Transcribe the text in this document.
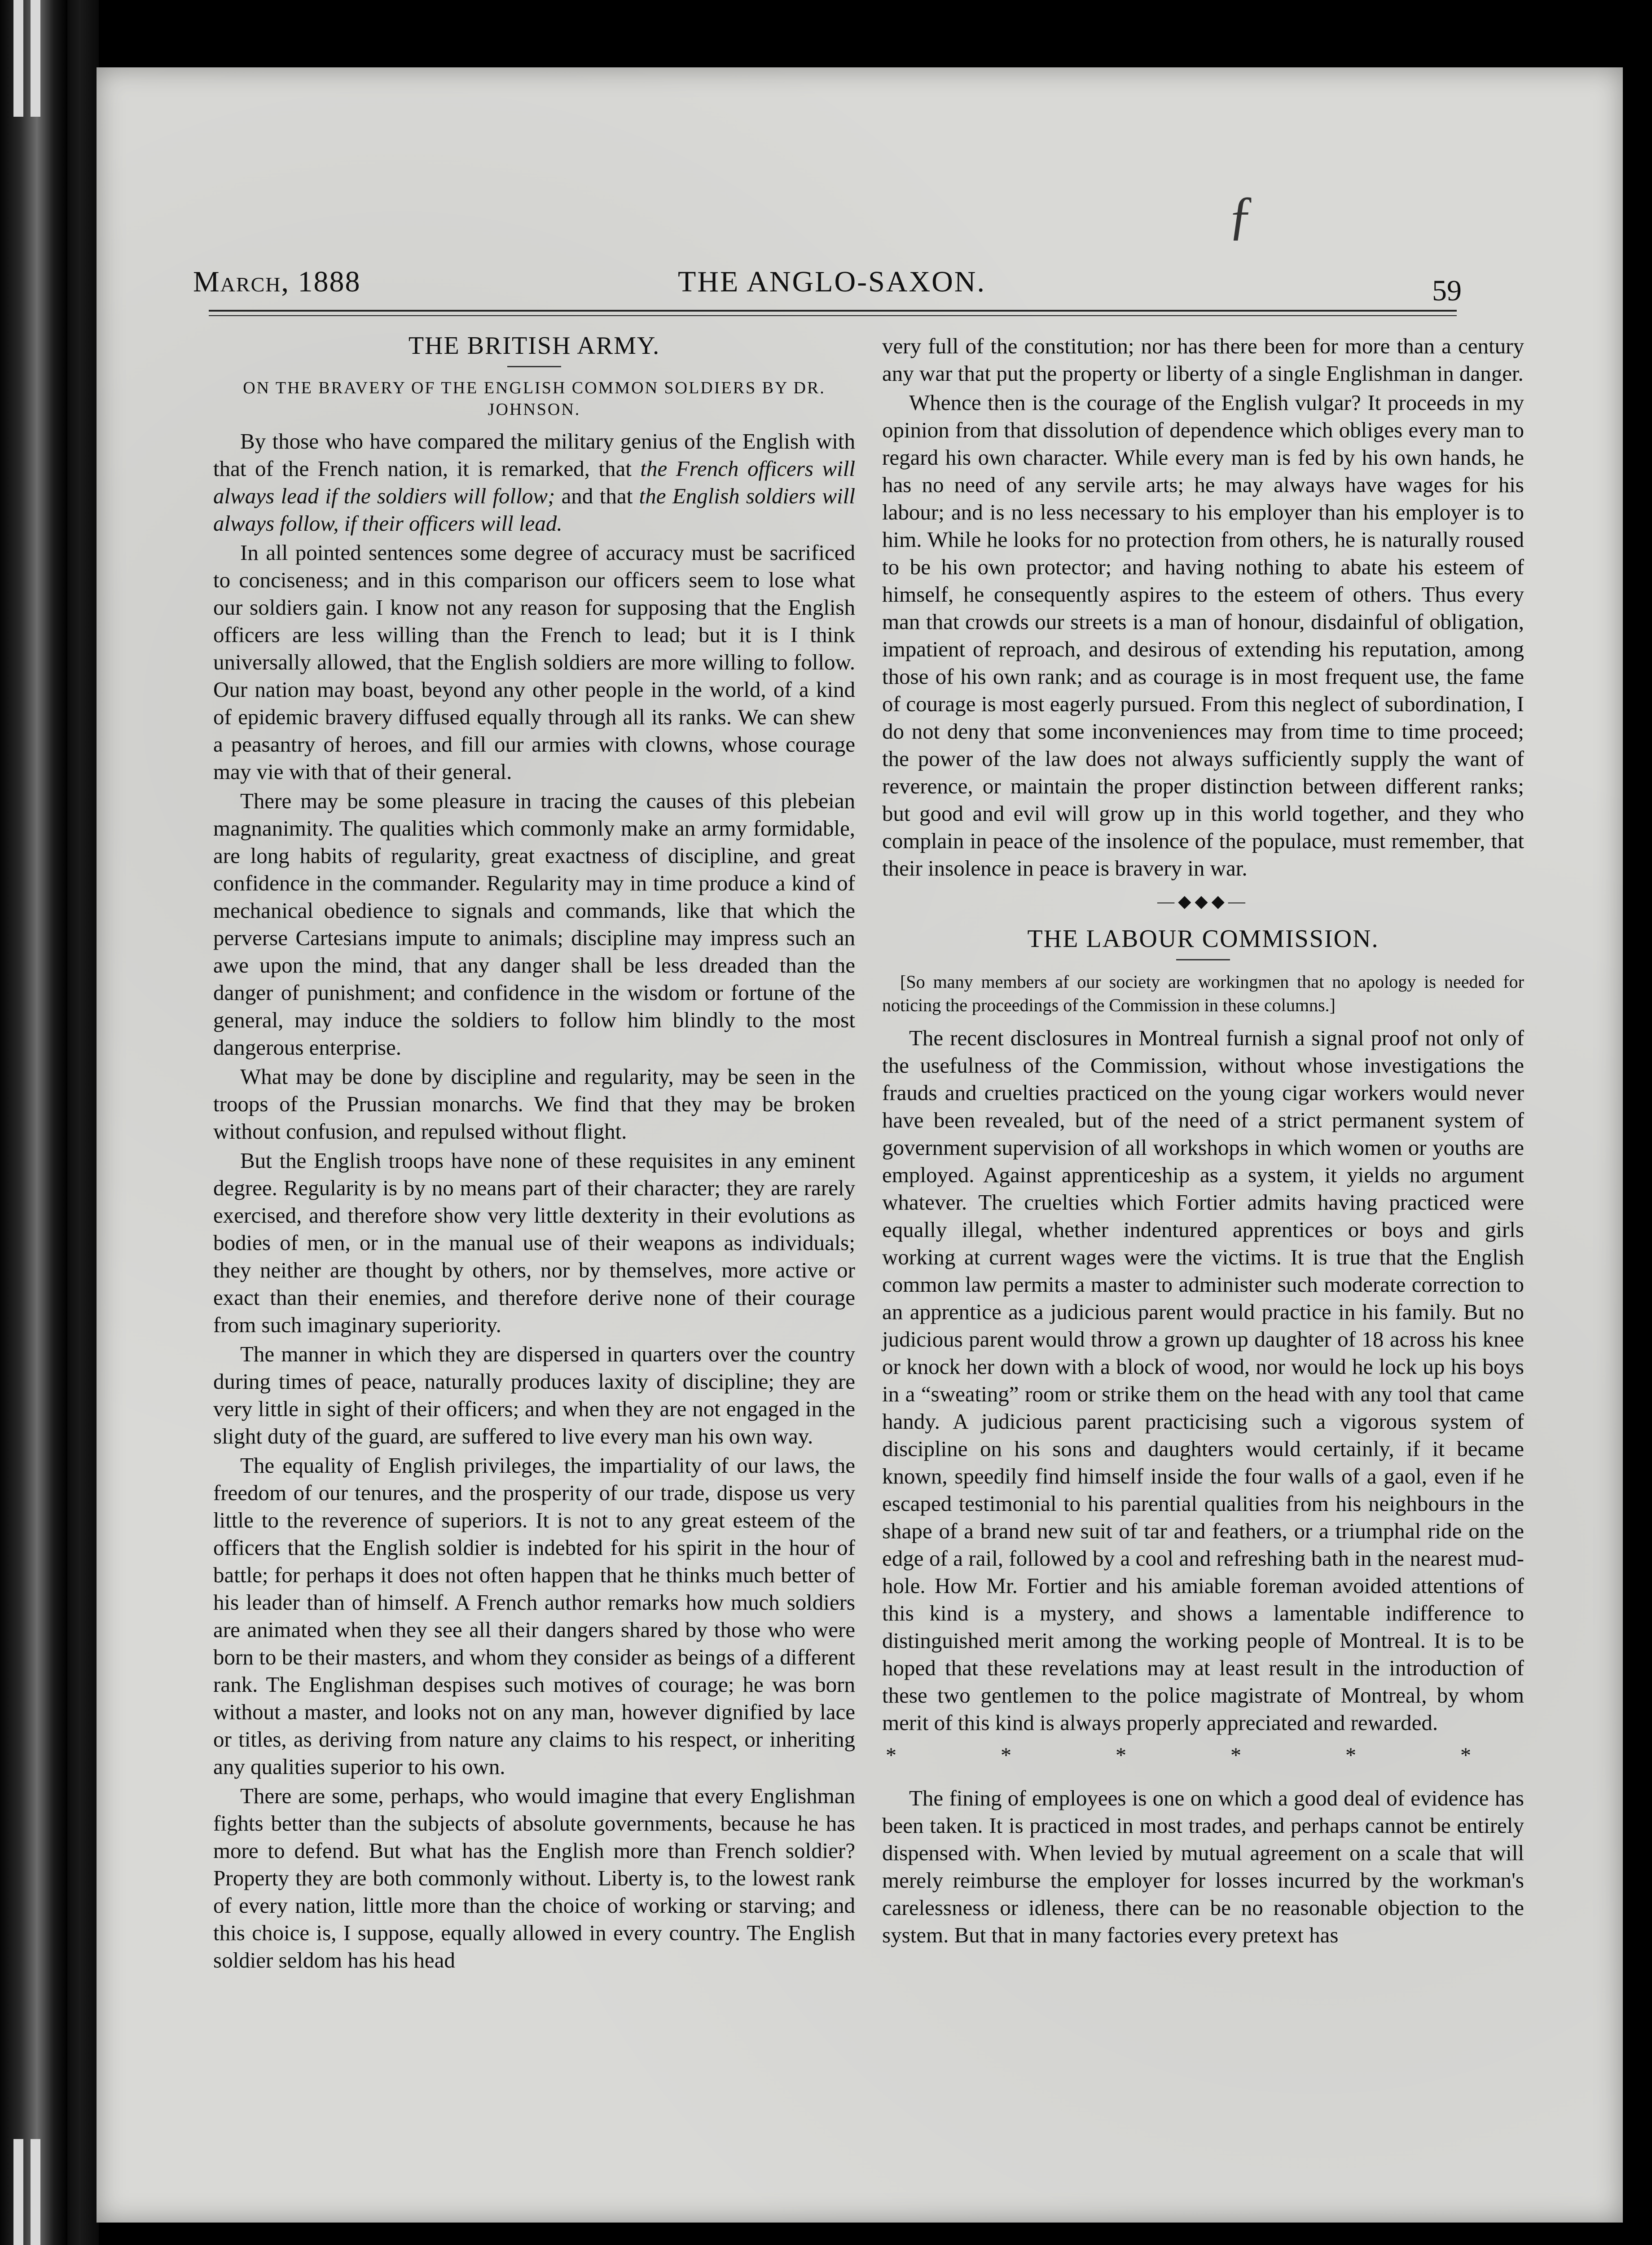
March, 1888	THE ANGLO-SAXON.	59
ƒ
THE BRITISH ARMY.
ON THE BRAVERY OF THE ENGLISH COMMON SOLDIERS BY DR. JOHNSON.

By those who have compared the military genius of the English with that of the French nation, it is remarked, that the French officers will always lead if the soldiers will follow; and that the English soldiers will always follow, if their officers will lead.

In all pointed sentences some degree of accuracy must be sacrificed to conciseness; and in this comparison our officers seem to lose what our soldiers gain. I know not any reason for supposing that the English officers are less willing than the French to lead; but it is I think universally allowed, that the English soldiers are more willing to follow. Our nation may boast, beyond any other people in the world, of a kind of epidemic bravery diffused equally through all its ranks. We can shew a peasantry of heroes, and fill our armies with clowns, whose courage may vie with that of their general.

There may be some pleasure in tracing the causes of this plebeian magnanimity. The qualities which commonly make an army formidable, are long habits of regularity, great exactness of discipline, and great confidence in the commander. Regularity may in time produce a kind of mechanical obedience to signals and commands, like that which the perverse Cartesians impute to animals; discipline may impress such an awe upon the mind, that any danger shall be less dreaded than the danger of punishment; and confidence in the wisdom or fortune of the general, may induce the soldiers to follow him blindly to the most dangerous enterprise.

What may be done by discipline and regularity, may be seen in the troops of the Prussian monarchs. We find that they may be broken without confusion, and repulsed without flight.

But the English troops have none of these requisites in any eminent degree. Regularity is by no means part of their character; they are rarely exercised, and therefore show very little dexterity in their evolutions as bodies of men, or in the manual use of their weapons as individuals; they neither are thought by others, nor by themselves, more active or exact than their enemies, and therefore derive none of their courage from such imaginary superiority.

The manner in which they are dispersed in quarters over the country during times of peace, naturally produces laxity of discipline; they are very little in sight of their officers; and when they are not engaged in the slight duty of the guard, are suffered to live every man his own way.

The equality of English privileges, the impartiality of our laws, the freedom of our tenures, and the prosperity of our trade, dispose us very little to the reverence of superiors. It is not to any great esteem of the officers that the English soldier is indebted for his spirit in the hour of battle; for perhaps it does not often happen that he thinks much better of his leader than of himself. A French author remarks how much soldiers are animated when they see all their dangers shared by those who were born to be their masters, and whom they consider as beings of a different rank. The Englishman despises such motives of courage; he was born without a master, and looks not on any man, however dignified by lace or titles, as deriving from nature any claims to his respect, or inheriting any qualities superior to his own.

There are some, perhaps, who would imagine that every Englishman fights better than the subjects of absolute governments, because he has more to defend. But what has the English more than French soldier? Property they are both commonly without. Liberty is, to the lowest rank of every nation, little more than the choice of working or starving; and this choice is, I suppose, equally allowed in every country. The English soldier seldom has his head

very full of the constitution; nor has there been for more than a century any war that put the property or liberty of a single Englishman in danger.

Whence then is the courage of the English vulgar? It proceeds in my opinion from that dissolution of dependence which obliges every man to regard his own character. While every man is fed by his own hands, he has no need of any servile arts; he may always have wages for his labour; and is no less necessary to his employer than his employer is to him. While he looks for no protection from others, he is naturally roused to be his own protector; and having nothing to abate his esteem of himself, he consequently aspires to the esteem of others. Thus every man that crowds our streets is a man of honour, disdainful of obligation, impatient of reproach, and desirous of extending his reputation, among those of his own rank; and as courage is in most frequent use, the fame of courage is most eagerly pursued. From this neglect of subordination, I do not deny that some inconveniences may from time to time proceed; the power of the law does not always sufficiently supply the want of reverence, or maintain the proper distinction between different ranks; but good and evil will grow up in this world together, and they who complain in peace of the insolence of the populace, must remember, that their insolence in peace is bravery in war.

—◆◆◆—
THE LABOUR COMMISSION.

[So many members af our society are workingmen that no apology is needed for noticing the proceedings of the Commission in these columns.]

The recent disclosures in Montreal furnish a signal proof not only of the usefulness of the Commission, without whose investigations the frauds and cruelties practiced on the young cigar workers would never have been revealed, but of the need of a strict permanent system of government supervision of all workshops in which women or youths are employed. Against apprenticeship as a system, it yields no argument whatever. The cruelties which Fortier admits having practiced were equally illegal, whether indentured apprentices or boys and girls working at current wages were the victims. It is true that the English common law permits a master to administer such moderate correction to an apprentice as a judicious parent would practice in his family. But no judicious parent would throw a grown up daughter of 18 across his knee or knock her down with a block of wood, nor would he lock up his boys in a “sweating” room or strike them on the head with any tool that came handy. A judicious parent practicising such a vigorous system of discipline on his sons and daughters would certainly, if it became known, speedily find himself inside the four walls of a gaol, even if he escaped testimonial to his parential qualities from his neighbours in the shape of a brand new suit of tar and feathers, or a triumphal ride on the edge of a rail, followed by a cool and refreshing bath in the nearest mud-hole. How Mr. Fortier and his amiable foreman avoided attentions of this kind is a mystery, and shows a lamentable indifference to distinguished merit among the working people of Montreal. It is to be hoped that these revelations may at least result in the introduction of these two gentlemen to the police magistrate of Montreal, by whom merit of this kind is always properly appreciated and rewarded.

* * * * * *

The fining of employees is one on which a good deal of evidence has been taken. It is practiced in most trades, and perhaps cannot be entirely dispensed with. When levied by mutual agreement on a scale that will merely reimburse the employer for losses incurred by the workman's carelessness or idleness, there can be no reasonable objection to the system. But that in many factories every pretext has
